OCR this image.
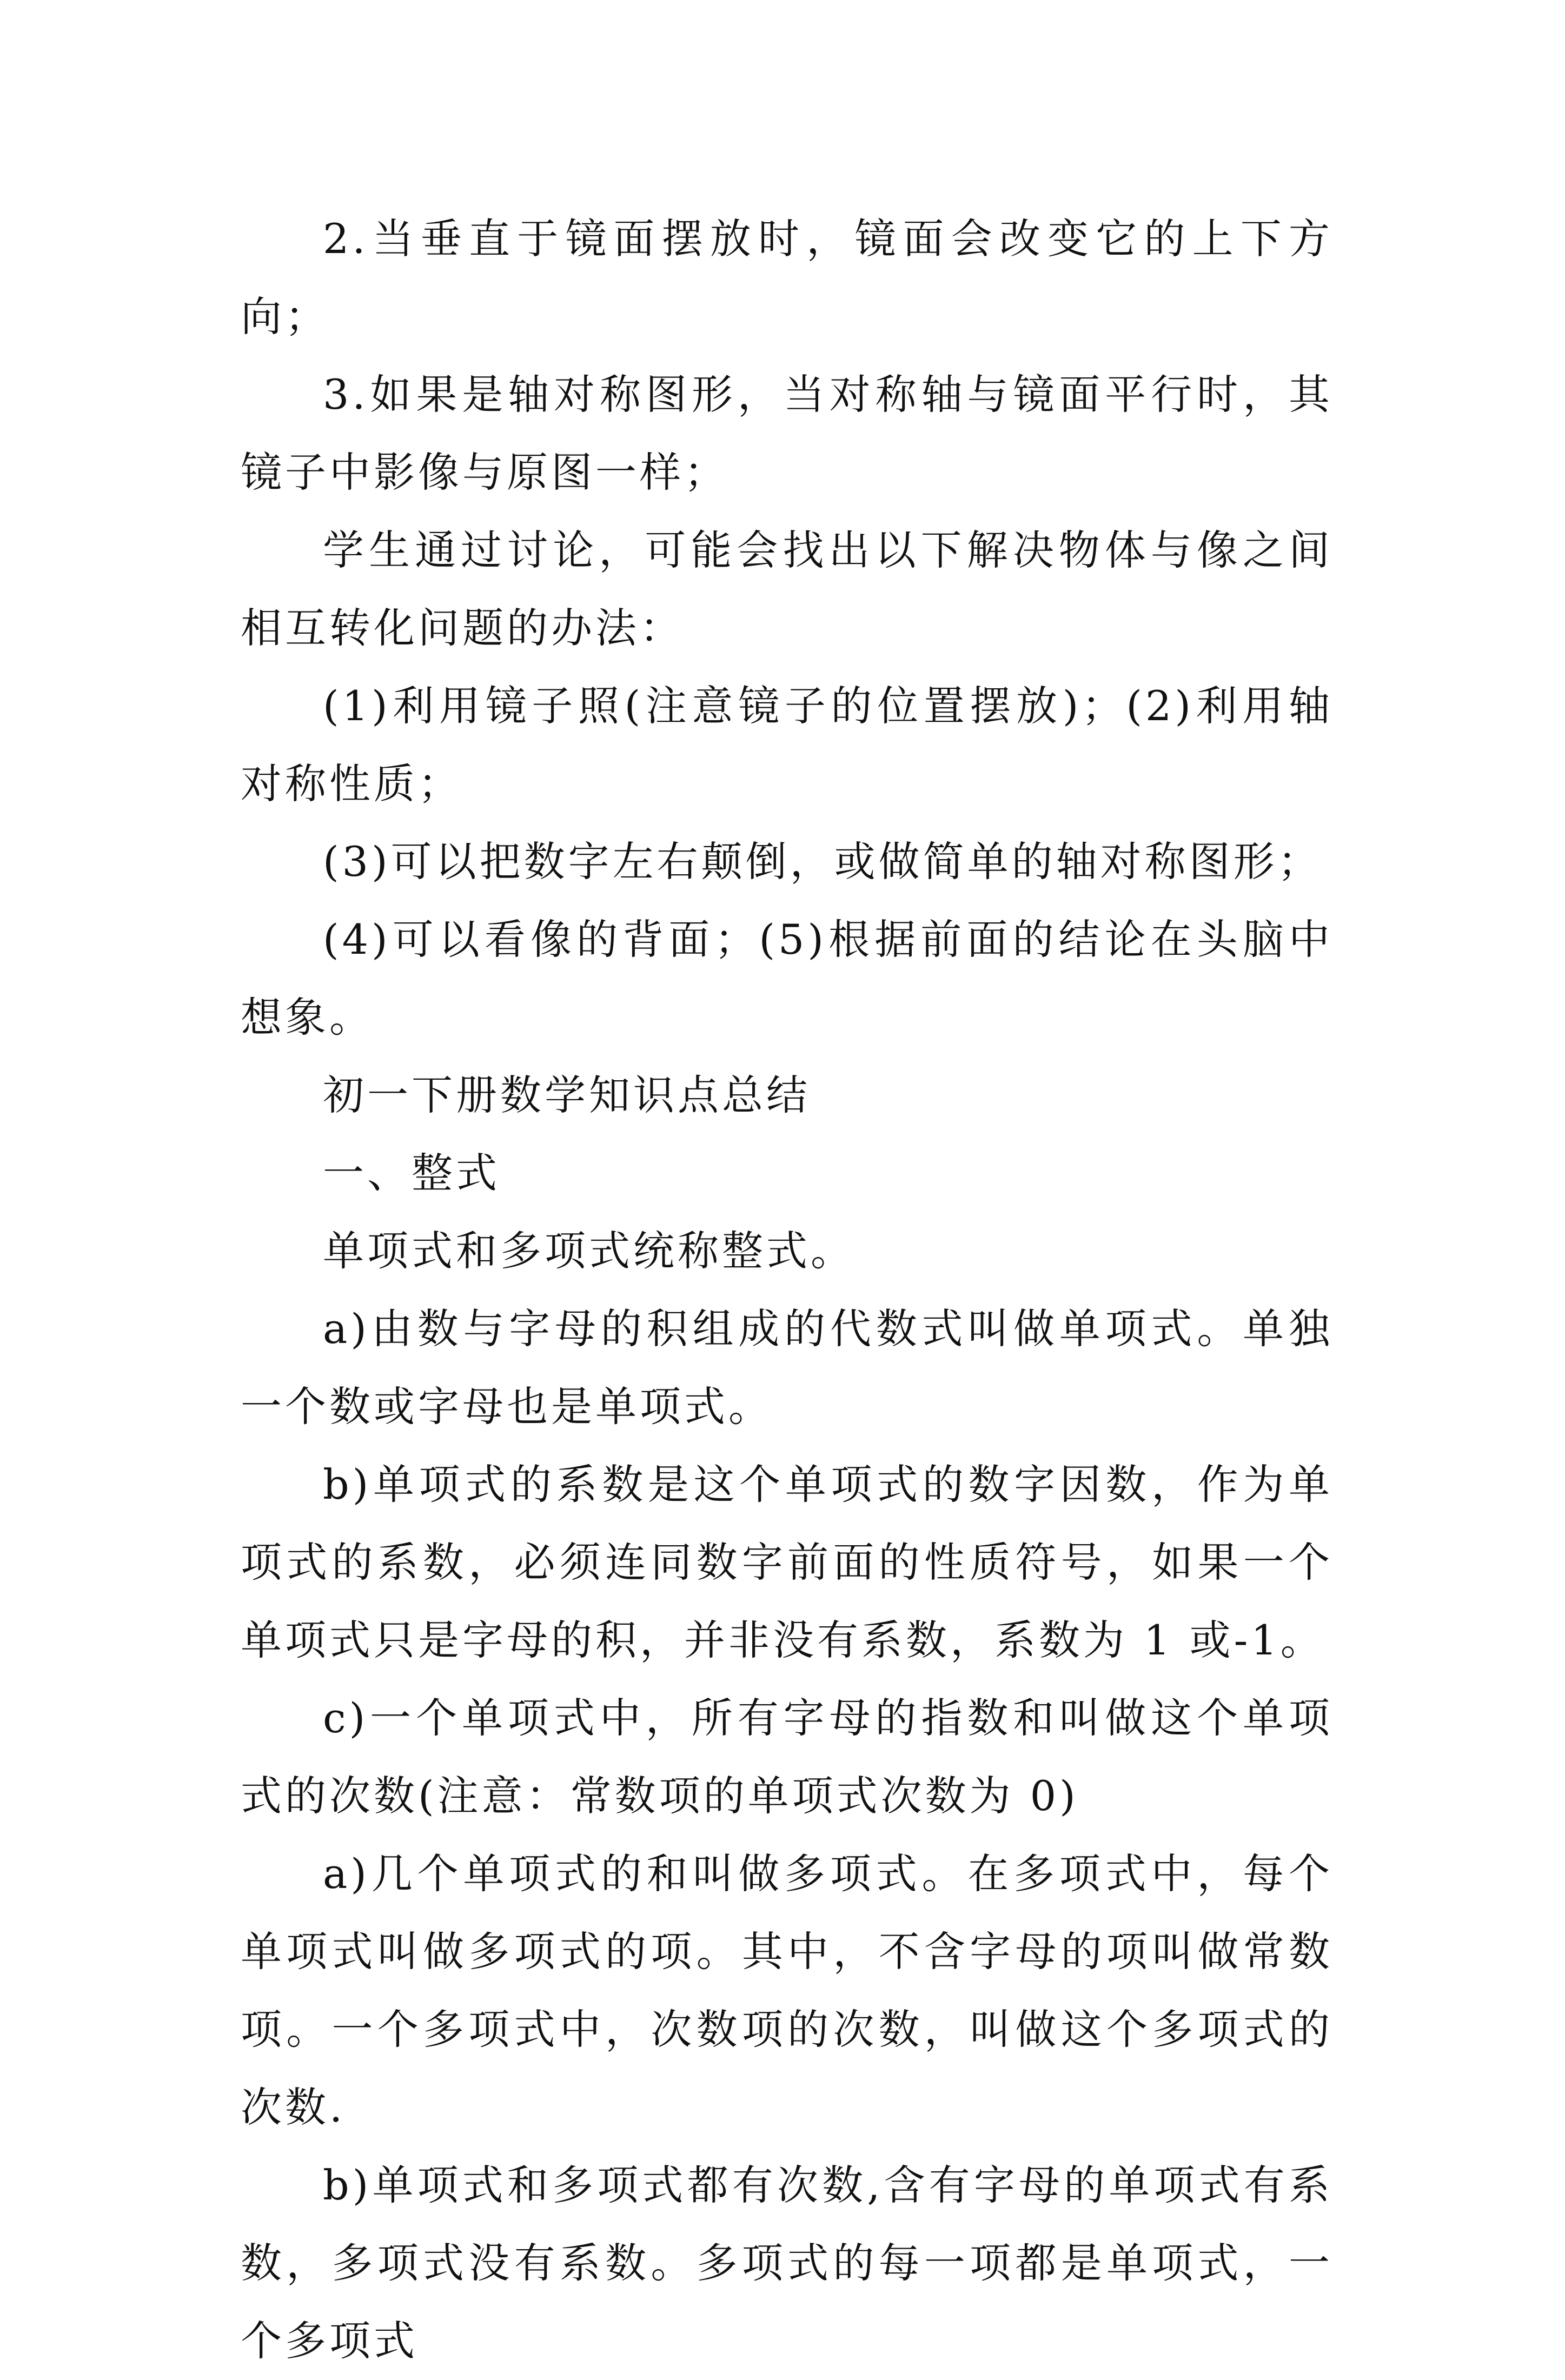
2.当垂直于镜面摆放时，镜面会改变它的上下方向；

3.如果是轴对称图形，当对称轴与镜面平行时，其镜子中影像与原图一样；

学生通过讨论，可能会找出以下解决物体与像之间相互转化问题的办法：

(1)利用镜子照(注意镜子的位置摆放)；(2)利用轴对称性质；

(3)可以把数字左右颠倒，或做简单的轴对称图形；

(4)可以看像的背面；(5)根据前面的结论在头脑中想象。

初一下册数学知识点总结

一、整式

单项式和多项式统称整式。

a)由数与字母的积组成的代数式叫做单项式。单独一个数或字母也是单项式。

b)单项式的系数是这个单项式的数字因数，作为单项式的系数，必须连同数字前面的性质符号，如果一个单项式只是字母的积，并非没有系数，系数为 1 或-1。

c)一个单项式中，所有字母的指数和叫做这个单项式的次数(注意：常数项的单项式次数为 0)

a)几个单项式的和叫做多项式。在多项式中，每个单项式叫做多项式的项。其中，不含字母的项叫做常数项。一个多项式中，次数项的次数，叫做这个多项式的次数.

b)单项式和多项式都有次数,含有字母的单项式有系数，多项式没有系数。多项式的每一项都是单项式，一个多项式
